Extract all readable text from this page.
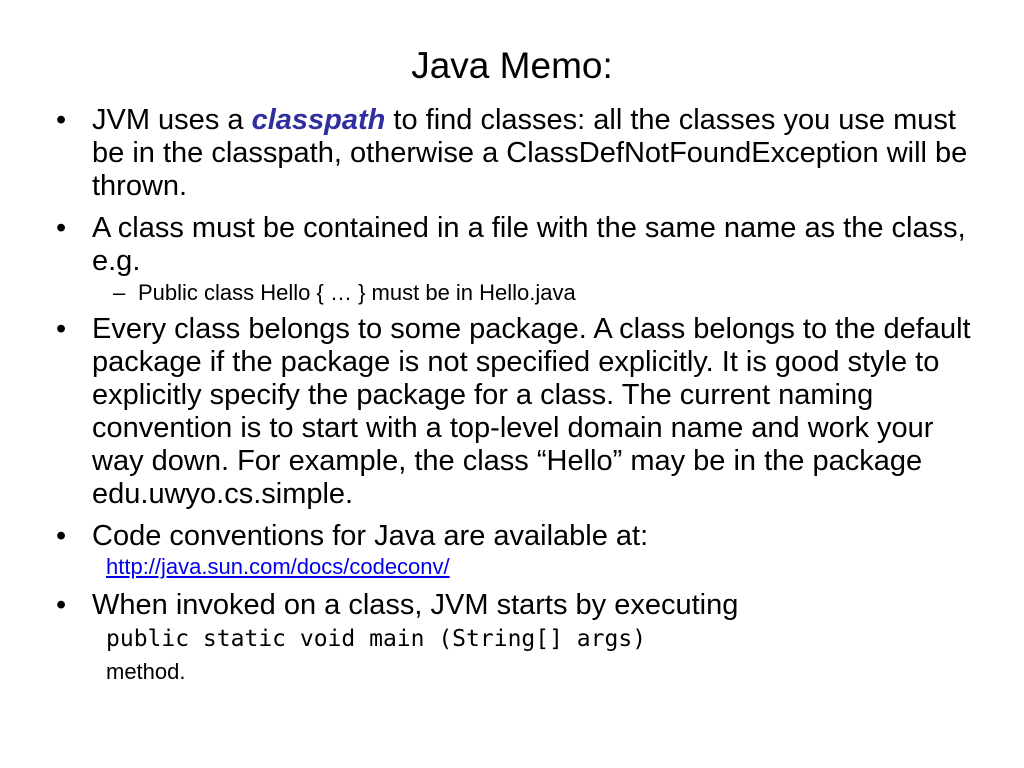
Java Memo:
• JVM uses a classpath to find classes: all the classes you use must be in the classpath, otherwise a ClassDefNotFoundException will be thrown.
• A class must be contained in a file with the same name as the class, e.g.
– Public class Hello { … } must be in Hello.java
• Every class belongs to some package. A class belongs to the default package if the package is not specified explicitly. It is good style to explicitly specify the package for a class. The current naming convention is to start with a top-level domain name and work your way down. For example, the class “Hello” may be in the package edu.uwyo.cs.simple.
• Code conventions for Java are available at:
http://java.sun.com/docs/codeconv/
• When invoked on a class, JVM starts by executing
public static void main (String[] args)
method.
